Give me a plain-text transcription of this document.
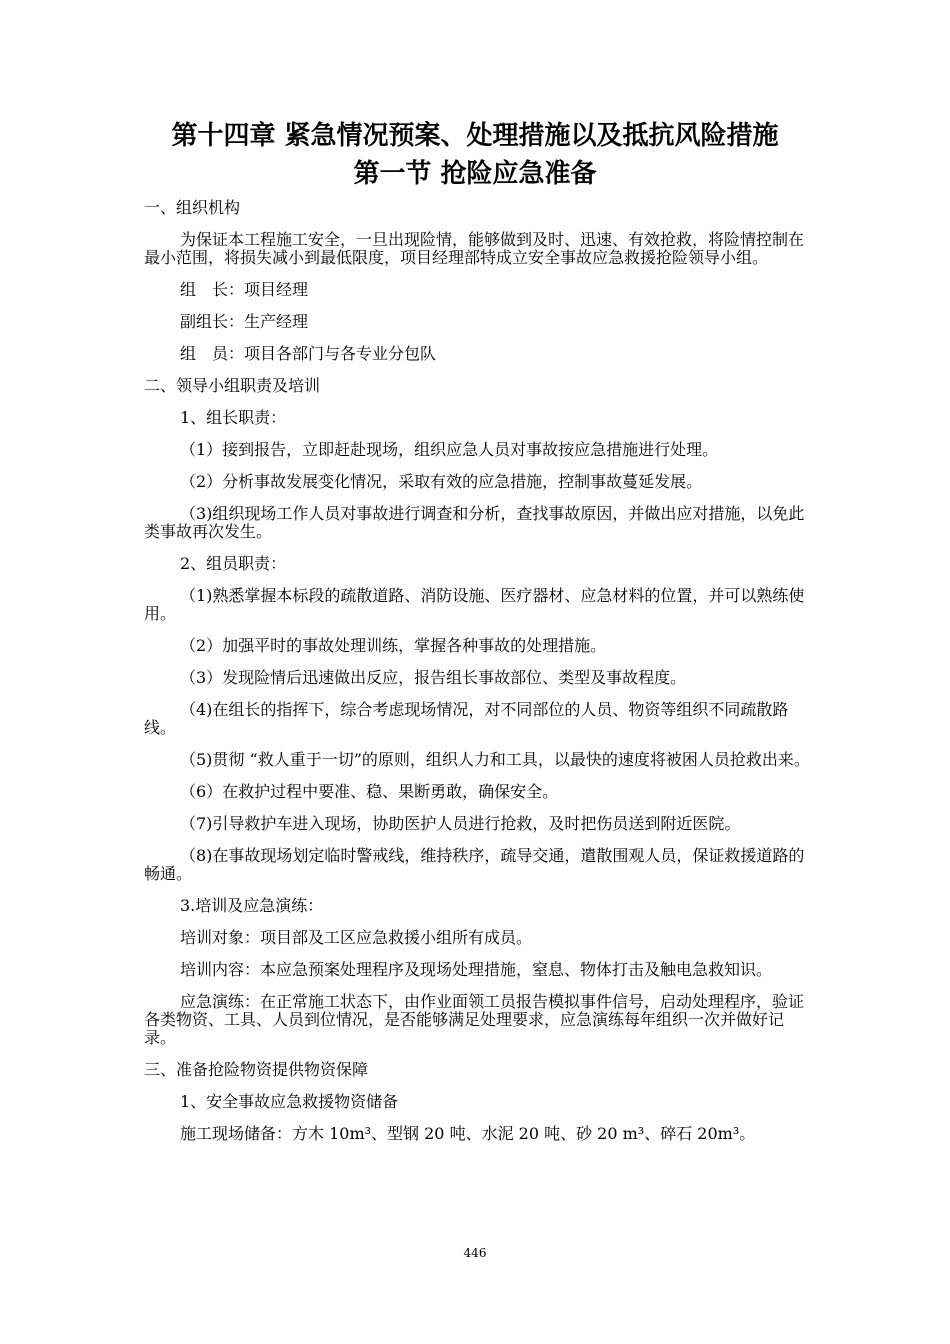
第十四章 紧急情况预案、处理措施以及抵抗风险措施
第一节 抢险应急准备

一、组织机构

为保证本工程施工安全，一旦出现险情，能够做到及时、迅速、有效抢救，将险情控制在最小范围，将损失减小到最低限度，项目经理部特成立安全事故应急救援抢险领导小组。

组　长：项目经理

副组长：生产经理

组　员：项目各部门与各专业分包队

二、领导小组职责及培训

1、组长职责：

（1）接到报告，立即赶赴现场，组织应急人员对事故按应急措施进行处理。

（2）分析事故发展变化情况，采取有效的应急措施，控制事故蔓延发展。

（3)组织现场工作人员对事故进行调查和分析，查找事故原因，并做出应对措施，以免此类事故再次发生。

2、组员职责：

（1)熟悉掌握本标段的疏散道路、消防设施、医疗器材、应急材料的位置，并可以熟练使用。

（2）加强平时的事故处理训练，掌握各种事故的处理措施。

（3）发现险情后迅速做出反应，报告组长事故部位、类型及事故程度。

（4)在组长的指挥下，综合考虑现场情况，对不同部位的人员、物资等组织不同疏散路线。

（5)贯彻 “救人重于一切”的原则，组织人力和工具，以最快的速度将被困人员抢救出来。

（6）在救护过程中要准、稳、果断勇敢，确保安全。

（7)引导救护车进入现场，协助医护人员进行抢救，及时把伤员送到附近医院。

（8)在事故现场划定临时警戒线，维持秩序，疏导交通，遣散围观人员，保证救援道路的畅通。

3.培训及应急演练：

培训对象：项目部及工区应急救援小组所有成员。

培训内容：本应急预案处理程序及现场处理措施，窒息、物体打击及触电急救知识。

应急演练：在正常施工状态下，由作业面领工员报告模拟事件信号，启动处理程序，验证各类物资、工具、人员到位情况，是否能够满足处理要求，应急演练每年组织一次并做好记录。

三、准备抢险物资提供物资保障

1、安全事故应急救援物资储备

施工现场储备：方木 10m³、型钢 20 吨、水泥 20 吨、砂 20 m³、碎石 20m³。

446
